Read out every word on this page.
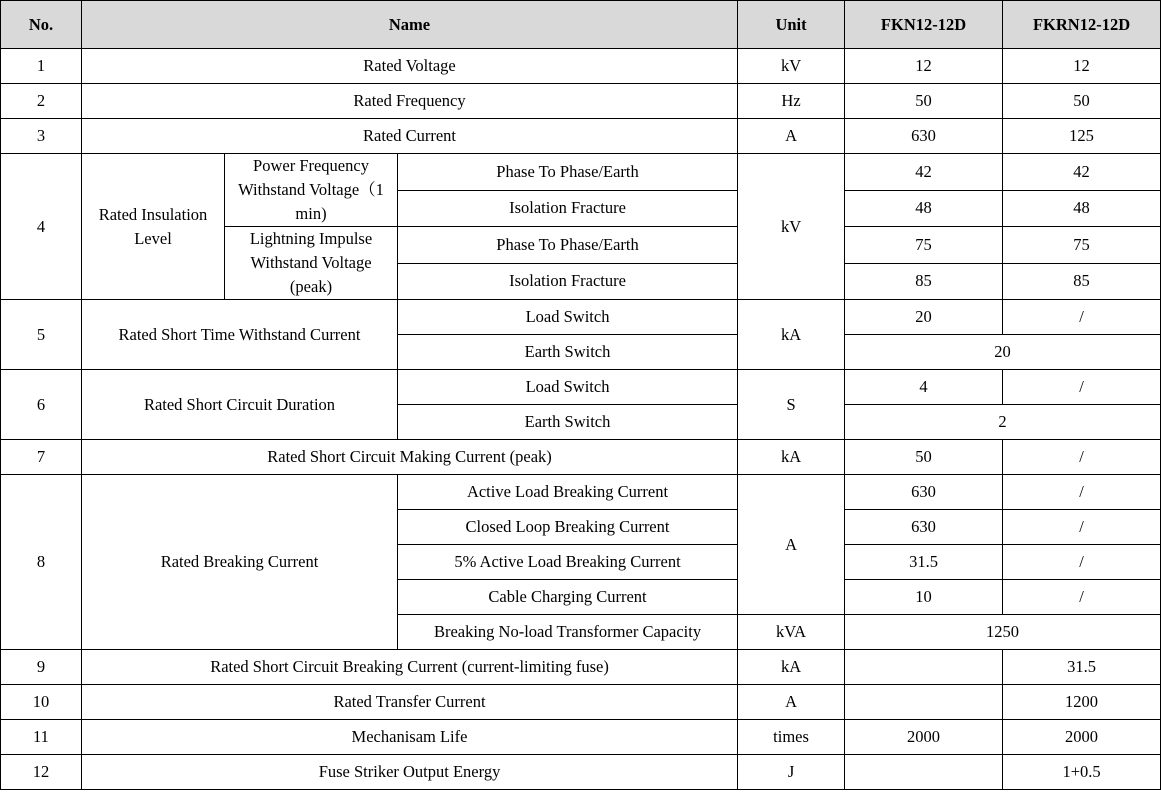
No.	Name			Unit	FKN12-12D	FKRN12-12D
1	Rated Voltage			kV	12	12
2	Rated Frequency			Hz	50	50
3	Rated Current			A	630	125
4	Rated Insulation Level	Power Frequency Withstand Voltage（1 min)	Phase To Phase/Earth	kV	42	42
			Isolation Fracture		48	48
		Lightning Impulse Withstand Voltage (peak)	Phase To Phase/Earth		75	75
			Isolation Fracture		85	85
5	Rated Short Time Withstand Current		Load Switch	kA	20	/
			Earth Switch		20	
6	Rated Short Circuit Duration		Load Switch	S	4	/
			Earth Switch		2	
7	Rated Short Circuit Making Current (peak)			kA	50	/
8	Rated Breaking Current		Active Load Breaking Current	A	630	/
			Closed Loop Breaking Current		630	/
			5% Active Load Breaking Current		31.5	/
			Cable Charging Current		10	/
			Breaking No-load Transformer Capacity	kVA	1250	
9	Rated Short Circuit Breaking Current (current-limiting fuse)			kA		31.5
10	Rated Transfer Current			A		1200
11	Mechanisam Life			times	2000	2000
12	Fuse Striker Output Energy			J		1+0.5
